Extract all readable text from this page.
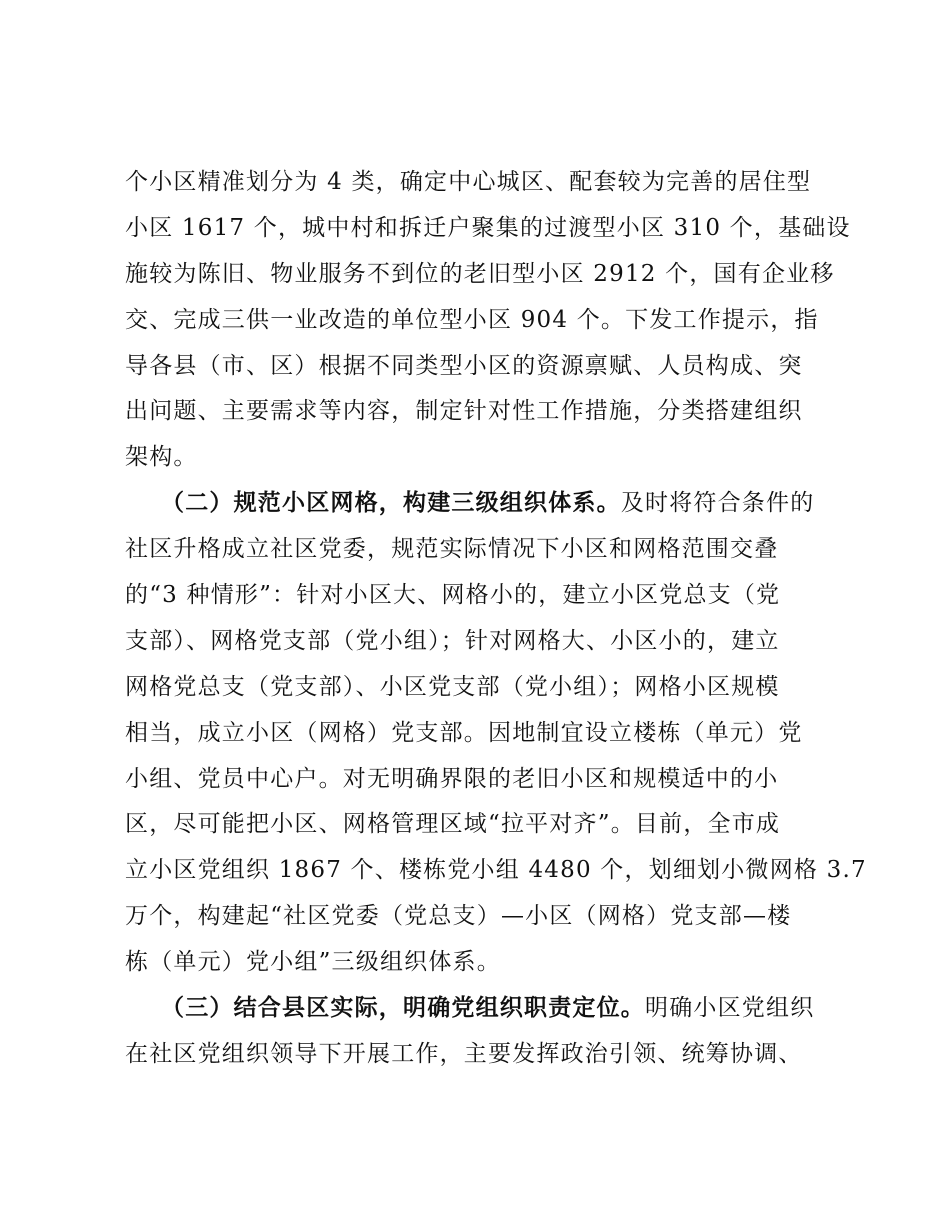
个小区精准划分为 4 类，确定中心城区、配套较为完善的居住型
小区 1617 个，城中村和拆迁户聚集的过渡型小区 310 个，基础设
施较为陈旧、物业服务不到位的老旧型小区 2912 个，国有企业移
交、完成三供一业改造的单位型小区 904 个。下发工作提示，指
导各县（市、区）根据不同类型小区的资源禀赋、人员构成、突
出问题、主要需求等内容，制定针对性工作措施，分类搭建组织
架构。
（二）规范小区网格，构建三级组织体系。及时将符合条件的
社区升格成立社区党委，规范实际情况下小区和网格范围交叠
的“3 种情形”：针对小区大、网格小的，建立小区党总支（党
支部）、网格党支部（党小组）；针对网格大、小区小的，建立
网格党总支（党支部）、小区党支部（党小组）；网格小区规模
相当，成立小区（网格）党支部。因地制宜设立楼栋（单元）党
小组、党员中心户。对无明确界限的老旧小区和规模适中的小
区，尽可能把小区、网格管理区域“拉平对齐”。目前，全市成
立小区党组织 1867 个、楼栋党小组 4480 个，划细划小微网格 3.7
万个，构建起“社区党委（党总支）—小区（网格）党支部—楼
栋（单元）党小组”三级组织体系。
（三）结合县区实际，明确党组织职责定位。明确小区党组织
在社区党组织领导下开展工作，主要发挥政治引领、统筹协调、
